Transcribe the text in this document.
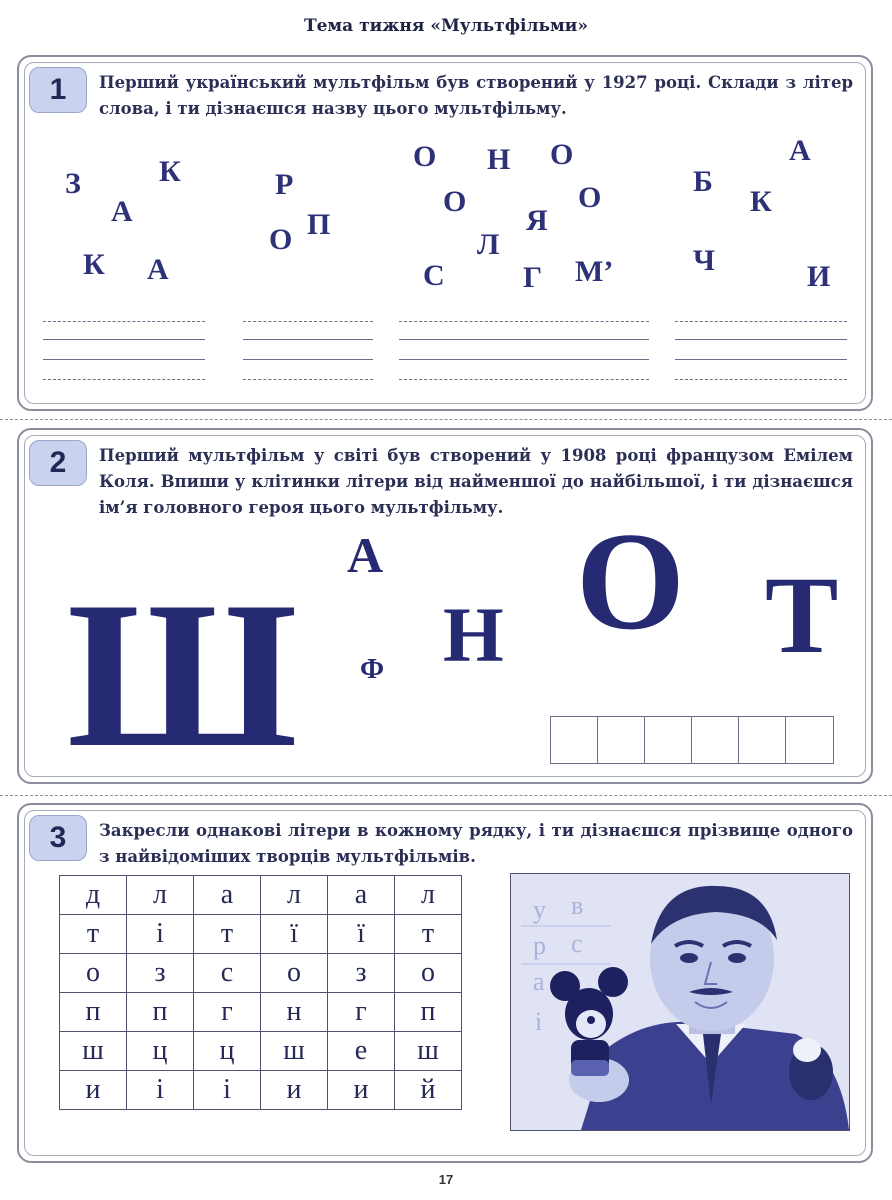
Тема тижня «Мультфільми»
1	Перший український мультфільм був створений у 1927 році. Склади з літер слова, і ти дізнаєшся назву цього мультфільму.
З	К
А
К А
Р
О П
О Н О
О	О
Я
Л
С	Г М’
А
Б
К
Ч	И
2	Перший мультфільм у світі був створений у 1908 році французом Емілем Коля. Впиши у клітинки літери від найменшої до найбільшої, і ти дізнаєшся ім’я головного героя цього мультфільму.
Ш
А
Ф Н О Т
3	Закресли однакові літери в кожному рядку, і ти дізнаєшся прізвище одного з найвідоміших творців мультфільмів.
д	л	а	л	а	л
т	і	т	ї	ї	т
о	з	с	о	з	о
п	п	г	н	г	п
ш	ц	ц	ш	е	ш
и	і	і	и	и	й
у в
р с
а
і
17
